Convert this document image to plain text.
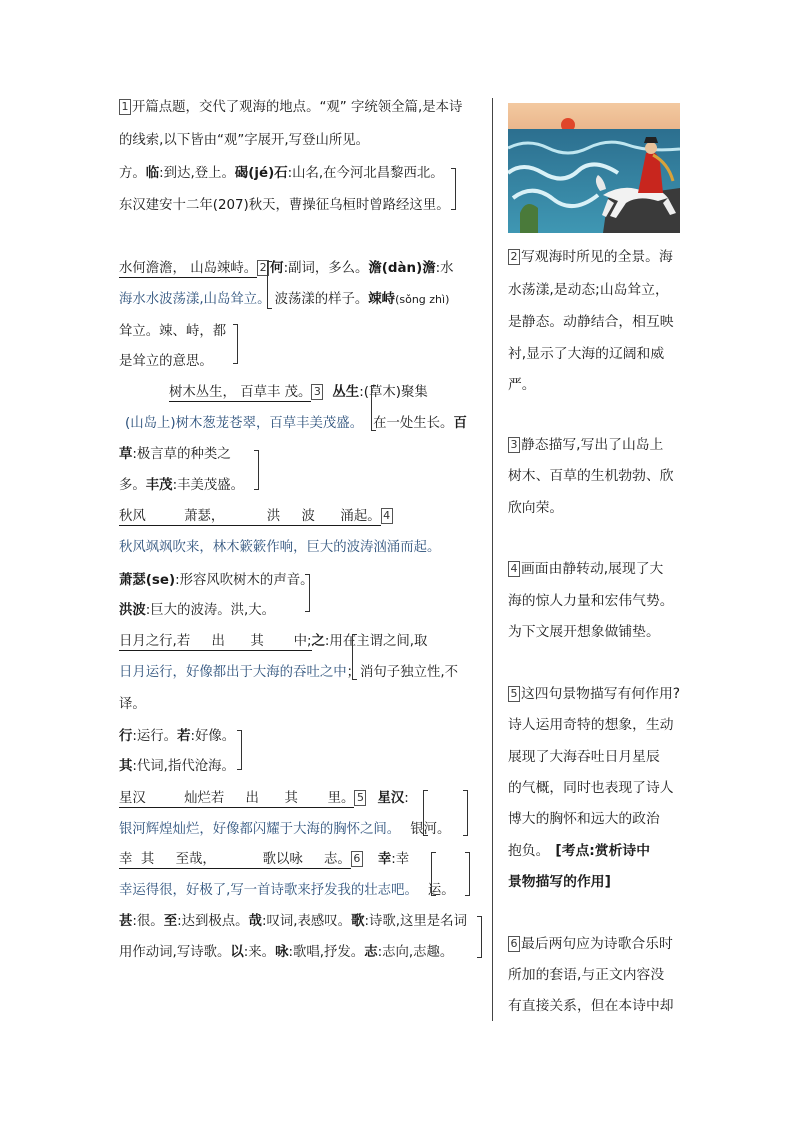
1 开篇点题，交代了观海的地点。“观” 字统领全篇,是本诗
的线索,以下皆由“观”字展开,写登山所见。
方。临:到达,登上。碣(jé)石:山名,在今河北昌黎西北。
东汉建安十二年(207)秋天，曹操征乌桓时曾路经这里。
水何澹澹， 山岛竦峙。 2 何:副词，多么。澹(dàn)澹:水
海水水波荡漾,山岛耸立。 波荡漾的样子。竦峙(sǒng zhì)
耸立。竦、峙，都
是耸立的意思。
树木丛生， 百草丰 茂。 3 丛生:(草木)聚集
(山岛上)树木葱茏苍翠，百草丰美茂盛。 在一处生长。百
草:极言草的种类之
多。丰茂:丰美茂盛。
秋风         萧瑟，          洪     波      涌起。 4
秋风飒飒吹来，林木簌簌作响，巨大的波涛汹涌而起。
萧瑟(se):形容风吹树木的声音。
洪波:巨大的波涛。洪,大。
日月之行,若     出      其       中;之:用在主谓之间,取
日月运行，好像都出于大海的吞吐之中；消句子独立性,不
译。
行:运行。若:好像。
其:代词,指代沧海。
星汉         灿烂若     出      其       里。 5 星汉:
银河辉煌灿烂，好像都闪耀于大海的胸怀之间。 银河。
幸  其     至哉，           歌以咏     志。 6 幸:幸
幸运得很，好极了,写一首诗歌来抒发我的壮志吧。 运。
甚:很。至:达到极点。哉:叹词,表感叹。歌:诗歌,这里是名词
用作动词,写诗歌。以:来。咏:歌唱,抒发。志:志向,志趣。
2 写观海时所见的全景。海
水荡漾,是动态;山岛耸立，
是静态。动静结合，相互映
衬,显示了大海的辽阔和威
严。
3 静态描写,写出了山岛上
树木、百草的生机勃勃、欣
欣向荣。
4 画面由静转动,展现了大
海的惊人力量和宏伟气势。
为下文展开想象做铺垫。
5 这四句景物描写有何作用?
诗人运用奇特的想象，生动
展现了大海吞吐日月星辰
的气概，同时也表现了诗人
博大的胸怀和远大的政治
抱负。 [考点:赏析诗中
景物描写的作用]
6 最后两句应为诗歌合乐时
所加的套语,与正文内容没
有直接关系，但在本诗中却
